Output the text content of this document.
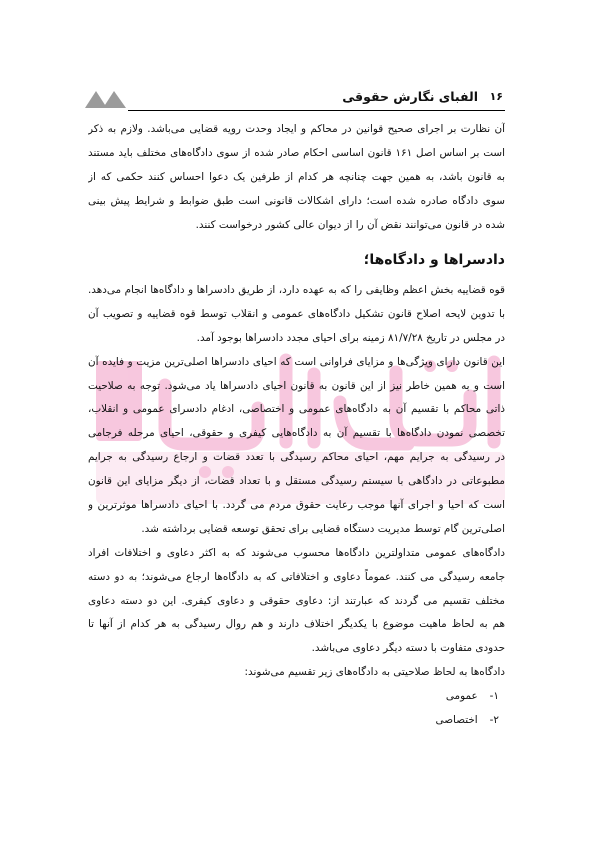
الفبای نگارش حقوقی ۱۶
آن نظارت بر اجرای صحیح قوانین در محاکم و ایجاد وحدت رویه قضایی می‌باشد. ولازم به ذکر
است بر اساس اصل ۱۶۱ قانون اساسی احکام صادر شده از سوی دادگاه‌های مختلف باید مستند
به قانون باشد، به همین جهت چنانچه هر کدام از طرفین یک دعوا احساس کنند حکمی که از
سوی دادگاه صادره شده است؛ دارای اشکالات قانونی است طبق ضوابط و شرایط پیش بینی
شده در قانون می‌توانند نقض آن را از دیوان عالی کشور درخواست کنند.
دادسراها و دادگاه‌ها؛
قوه قضاییه بخش اعظم وظایفی را که به عهده دارد، از طریق دادسراها و دادگاه‌ها انجام می‌دهد.
با تدوین لایحه اصلاح قانون تشکیل دادگاه‌های عمومی و انقلاب توسط قوه قضاییه و تصویب آن
در مجلس در تاریخ ۸۱/۷/۲۸ زمینه برای احیای مجدد دادسراها بوجود آمد.
این قانون دارای ویژگی‌ها و مزایای فراوانی است که احیای دادسراها اصلی‌ترین مزیت و فایده آن
است و به همین خاطر نیز از این قانون به قانون احیای دادسراها یاد می‌شود. توجه به صلاحیت
ذاتی محاکم با تقسیم آن به دادگاه‌های عمومی و اختصاصی، ادغام دادسرای عمومی و انقلاب،
تخصصی نمودن دادگاه‌ها با تقسیم آن به دادگاه‌هایی کیفری و حقوقی، احیای مرحله فرجامی
در رسیدگی به جرایم مهم، احیای محاکم رسیدگی با تعدد قضات و ارجاع رسیدگی به جرایم
مطبوعاتی در دادگاهی با سیستم رسیدگی مستقل و با تعداد قضات، از دیگر مزایای این قانون
است که احیا و اجرای آنها موجب رعایت حقوق مردم می گردد. با احیای دادسراها موثرترین و
اصلی‌ترین گام توسط مدیریت دستگاه قضایی برای تحقق توسعه قضایی برداشته شد.
دادگاه‌های عمومی متداولترین دادگاه‌ها محسوب می‌شوند که به اکثر دعاوی و اختلافات افراد
جامعه رسیدگی می کنند. عموماً دعاوی و اختلافاتی که به دادگاه‌ها ارجاع می‌شوند؛ به دو دسته
مختلف تقسیم می گردند که عبارتند از: دعاوی حقوقی و دعاوی کیفری. این دو دسته دعاوی
هم به لحاظ ماهیت موضوع با یکدیگر اختلاف دارند و هم روال رسیدگی به هر کدام از آنها تا
حدودی متفاوت با دسته دیگر دعاوی می‌باشد.
دادگاه‌ها به لحاظ صلاحیتی به دادگاه‌های زیر تقسیم می‌شوند:
۱-
عمومی
۲-
اختصاصی
